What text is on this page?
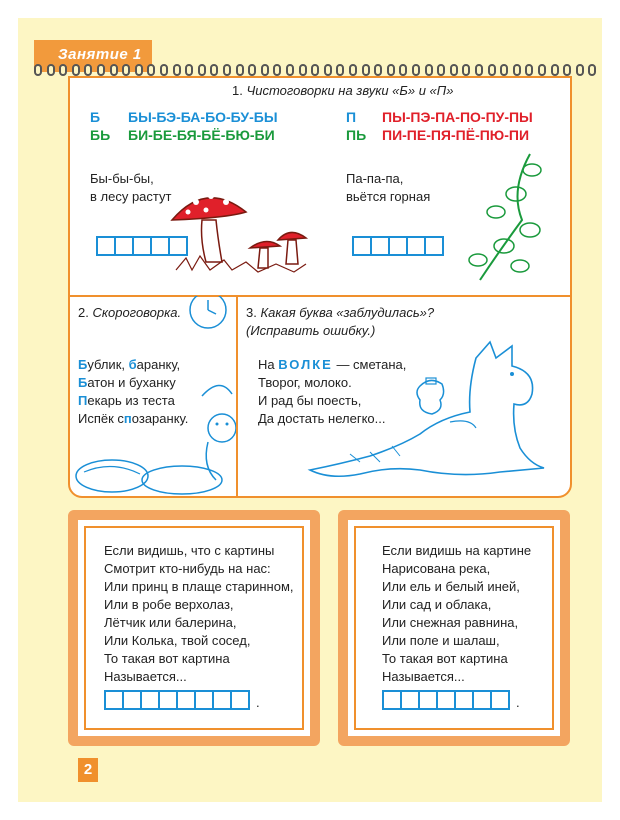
Занятие 1
1. Чистоговорки на звуки «Б» и «П»
Б БЫ-БЭ-БА-БО-БУ-БЫ
БЬ БИ-БЕ-БЯ-БЁ-БЮ-БИ
П ПЫ-ПЭ-ПА-ПО-ПУ-ПЫ
ПЬ ПИ-ПЕ-ПЯ-ПЁ-ПЮ-ПИ
Бы-бы-бы,
в лесу растут
Па-па-па,
вьётся горная
2. Скороговорка.
Бублик, баранку,
Батон и буханку
Пекарь из теста
Испёк спозаранку.
3. Какая буква «заблудилась»? (Исправить ошибку.)
На ВОЛКЕ — сметана,
Творог, молоко.
И рад бы поесть,
Да достать нелегко...
Если видишь, что с картины
Смотрит кто-нибудь на нас:
Или принц в плаще старинном,
Или в робе верхолаз,
Лётчик или балерина,
Или Колька, твой сосед,
То такая вот картина
Называется...
Если видишь на картине
Нарисована река,
Или ель и белый иней,
Или сад и облака,
Или снежная равнина,
Или поле и шалаш,
То такая вот картина
Называется...
.	.
2
